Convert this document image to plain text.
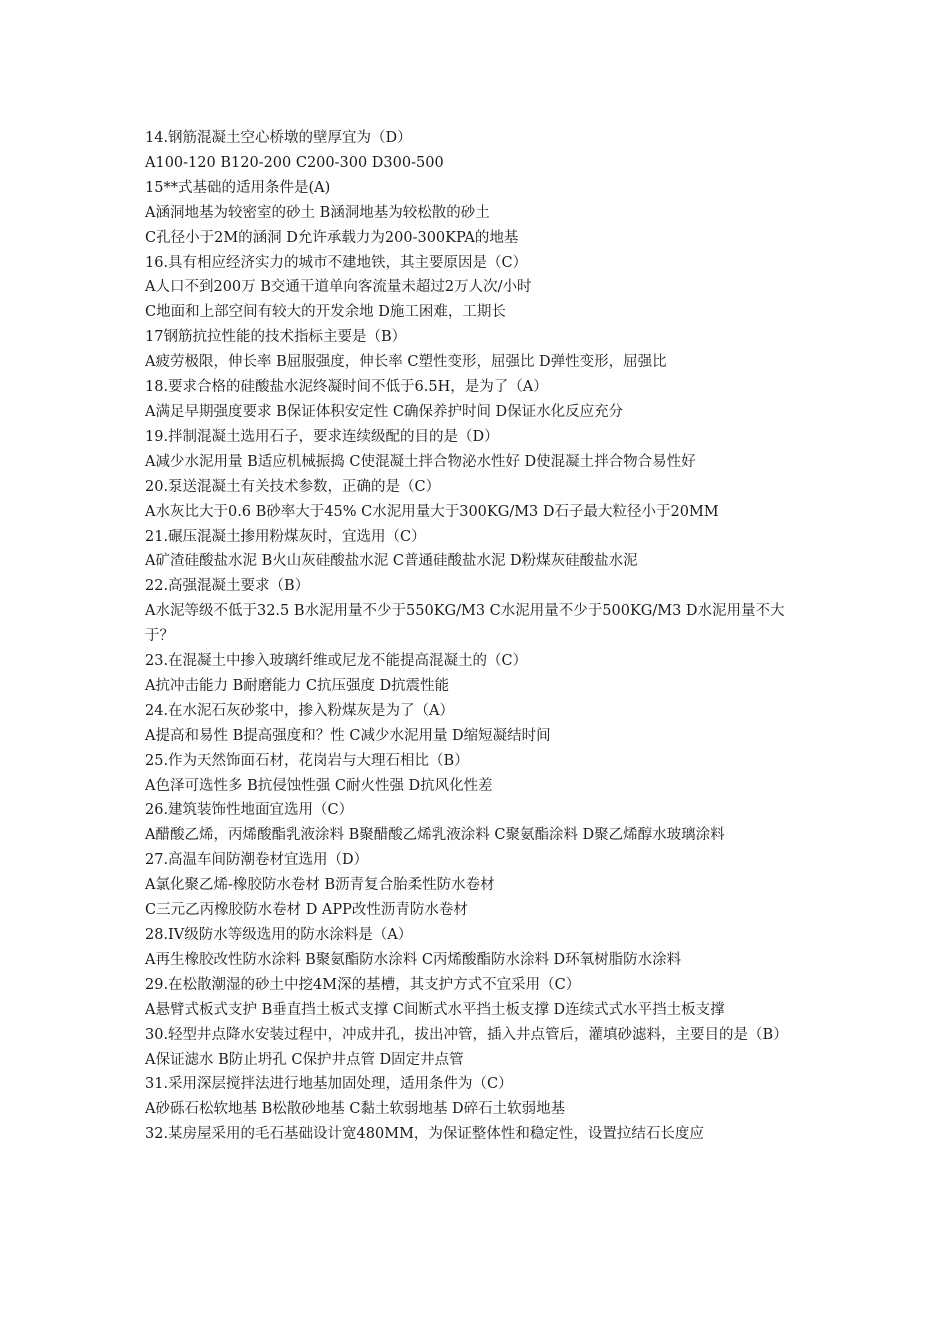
14.钢筋混凝土空心桥墩的壁厚宜为（D）

A100-120 B120-200 C200-300 D300-500

15**式基础的适用条件是(A)

A涵洞地基为较密室的砂土 B涵洞地基为较松散的砂土

C孔径小于2M的涵洞 D允许承载力为200-300KPA的地基

16.具有相应经济实力的城市不建地铁，其主要原因是（C）

A人口不到200万 B交通干道单向客流量未超过2万人次/小时

C地面和上部空间有较大的开发余地 D施工困难，工期长

17钢筋抗拉性能的技术指标主要是（B）

A疲劳极限，伸长率 B屈服强度，伸长率 C塑性变形，屈强比 D弹性变形，屈强比

18.要求合格的硅酸盐水泥终凝时间不低于6.5H，是为了（A）

A满足早期强度要求 B保证体积安定性 C确保养护时间 D保证水化反应充分

19.拌制混凝土选用石子，要求连续级配的目的是（D）

A减少水泥用量 B适应机械振捣 C使混凝土拌合物泌水性好 D使混凝土拌合物合易性好

20.泵送混凝土有关技术参数，正确的是（C）

A水灰比大于0.6 B砂率大于45% C水泥用量大于300KG/M3 D石子最大粒径小于20MM

21.碾压混凝土掺用粉煤灰时，宜选用（C）

A矿渣硅酸盐水泥 B火山灰硅酸盐水泥 C普通硅酸盐水泥 D粉煤灰硅酸盐水泥

22.高强混凝土要求（B）

A水泥等级不低于32.5 B水泥用量不少于550KG/M3 C水泥用量不少于500KG/M3 D水泥用量不大于？

23.在混凝土中掺入玻璃纤维或尼龙不能提高混凝土的（C）

A抗冲击能力 B耐磨能力 C抗压强度 D抗震性能

24.在水泥石灰砂浆中，掺入粉煤灰是为了（A）

A提高和易性 B提高强度和？性 C减少水泥用量 D缩短凝结时间

25.作为天然饰面石材，花岗岩与大理石相比（B）

A色泽可选性多 B抗侵蚀性强 C耐火性强 D抗风化性差

26.建筑装饰性地面宜选用（C）

A醋酸乙烯，丙烯酸酯乳液涂料 B聚醋酸乙烯乳液涂料 C聚氨酯涂料 D聚乙烯醇水玻璃涂料

27.高温车间防潮卷材宜选用（D）

A氯化聚乙烯-橡胶防水卷材 B沥青复合胎柔性防水卷材

C三元乙丙橡胶防水卷材 D APP改性沥青防水卷材

28.IV级防水等级选用的防水涂料是（A）

A再生橡胶改性防水涂料 B聚氨酯防水涂料 C丙烯酸酯防水涂料 D环氧树脂防水涂料

29.在松散潮湿的砂土中挖4M深的基槽，其支护方式不宜采用（C）

A悬臂式板式支护 B垂直挡土板式支撑 C间断式水平挡土板支撑 D连续式式水平挡土板支撑

30.轻型井点降水安装过程中，冲成井孔，拔出冲管，插入井点管后，灌填砂滤料，主要目的是（B）

A保证滤水 B防止坍孔 C保护井点管 D固定井点管

31.采用深层搅拌法进行地基加固处理，适用条件为（C）

A砂砾石松软地基 B松散砂地基 C黏土软弱地基 D碎石土软弱地基

32.某房屋采用的毛石基础设计宽480MM，为保证整体性和稳定性，设置拉结石长度应
